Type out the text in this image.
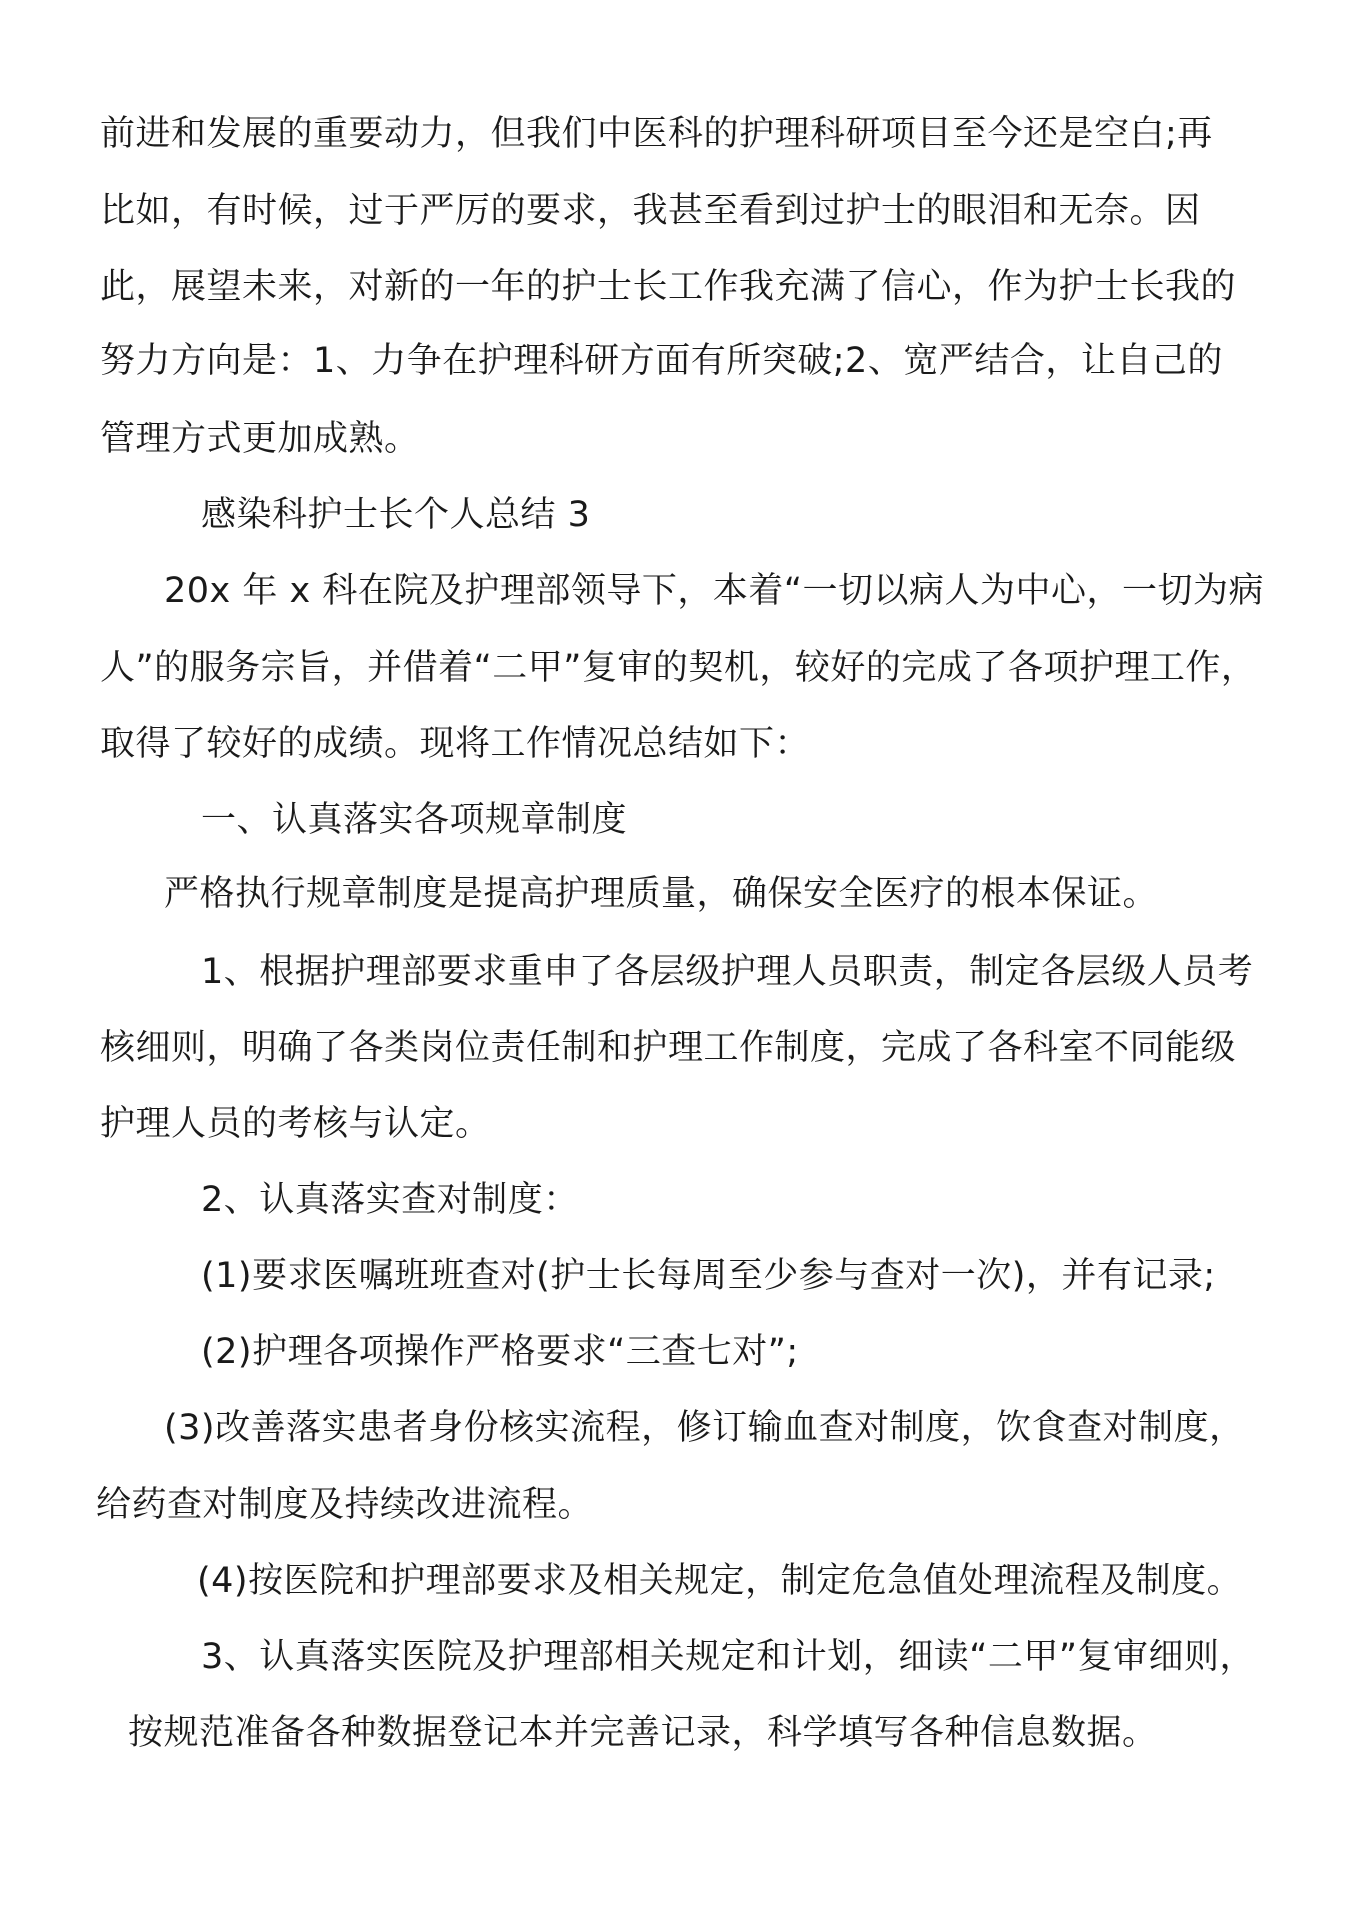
前进和发展的重要动力，但我们中医科的护理科研项目至今还是空白;再
比如，有时候，过于严厉的要求，我甚至看到过护士的眼泪和无奈。因
此，展望未来，对新的一年的护士长工作我充满了信心，作为护士长我的
努力方向是：1、力争在护理科研方面有所突破;2、宽严结合，让自己的
管理方式更加成熟。
感染科护士长个人总结 3
20x 年 x 科在院及护理部领导下，本着“一切以病人为中心，一切为病
人”的服务宗旨，并借着“二甲”复审的契机，较好的完成了各项护理工作，
取得了较好的成绩。现将工作情况总结如下：
一、认真落实各项规章制度
严格执行规章制度是提高护理质量，确保安全医疗的根本保证。
1、根据护理部要求重申了各层级护理人员职责，制定各层级人员考
核细则，明确了各类岗位责任制和护理工作制度，完成了各科室不同能级
护理人员的考核与认定。
2、认真落实查对制度：
(1)要求医嘱班班查对(护士长每周至少参与查对一次)，并有记录;
(2)护理各项操作严格要求“三查七对”;
(3)改善落实患者身份核实流程，修订输血查对制度，饮食查对制度，
给药查对制度及持续改进流程。
(4)按医院和护理部要求及相关规定，制定危急值处理流程及制度。
3、认真落实医院及护理部相关规定和计划，细读“二甲”复审细则，
按规范准备各种数据登记本并完善记录，科学填写各种信息数据。
